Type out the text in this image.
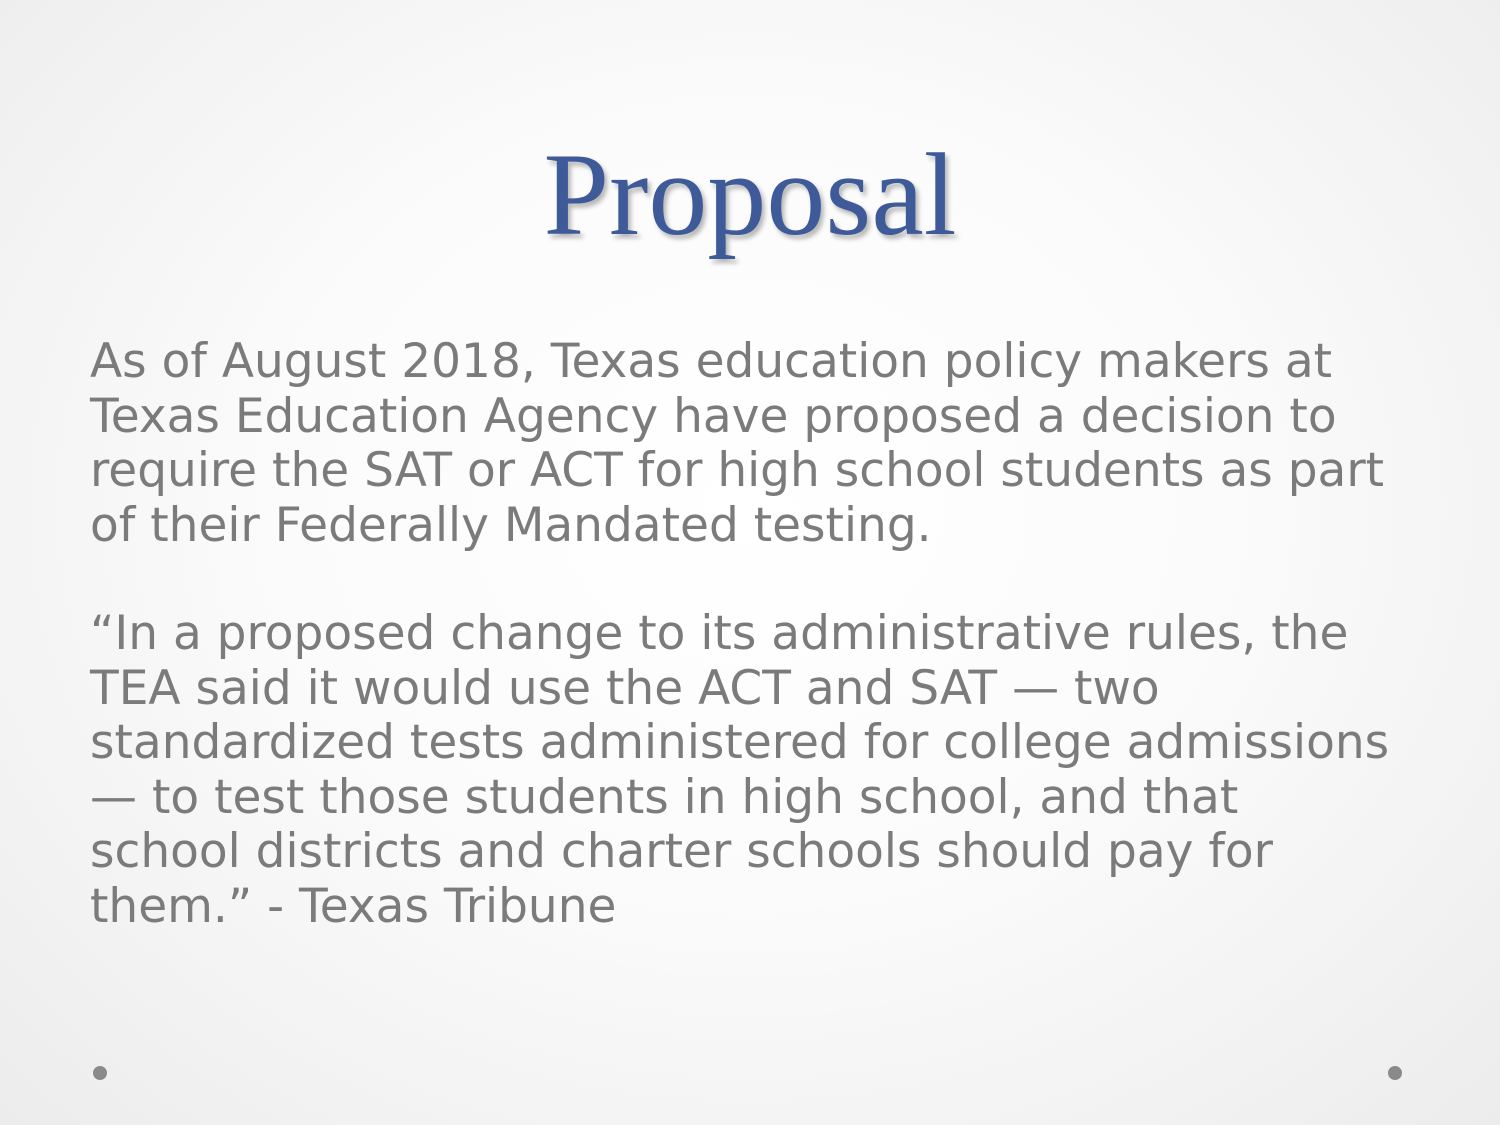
Proposal

As of August 2018, Texas education policy makers at
Texas Education Agency have proposed a decision to
require the SAT or ACT for high school students as part
of their Federally Mandated testing.

“In a proposed change to its administrative rules, the
TEA said it would use the ACT and SAT — two
standardized tests administered for college admissions
— to test those students in high school, and that
school districts and charter schools should pay for
them.” - Texas Tribune
